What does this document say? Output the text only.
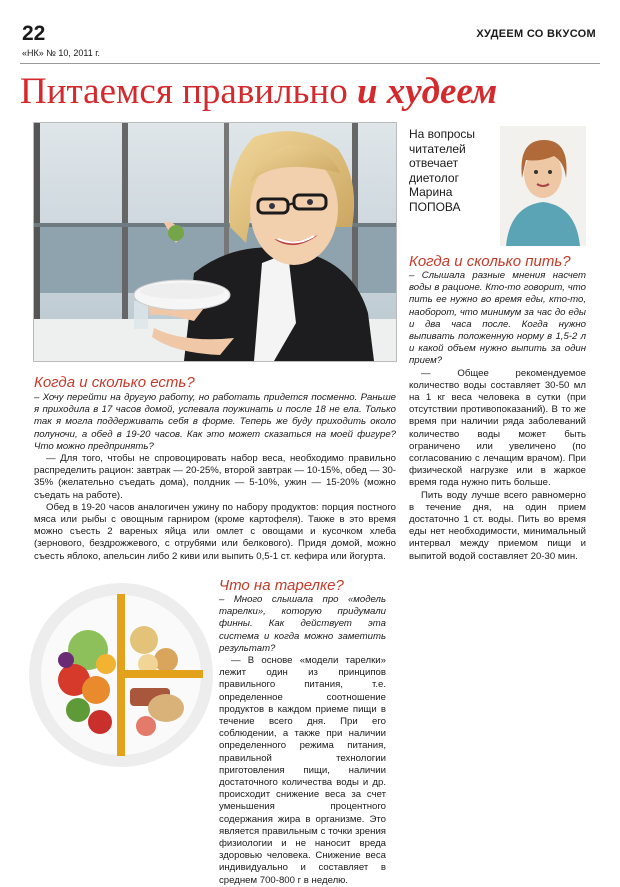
22
«НК» № 10, 2011 г.
ХУДЕЕМ СО ВКУСОМ
Питаемся правильно и худеем
На вопросы
читателей
отвечает
диетолог
Марина
ПОПОВА
Когда и сколько есть?

– Хочу перейти на другую работу, но работать придется посменно. Раньше я приходила в 17 часов домой, успевала поужинать и после 18 не ела. Только так я могла поддерживать себя в форме. Теперь же буду приходить около полуночи, а обед в 19-20 часов. Как это может сказаться на моей фигуре? Что можно предпринять?

— Для того, чтобы не спровоцировать набор веса, необходимо правильно распределить рацион: завтрак — 20-25%, второй завтрак — 10-15%, обед — 30-35% (желательно съедать дома), полдник — 5-10%, ужин — 15-20% (можно съедать на работе).

Обед в 19-20 часов аналогичен ужину по набору продуктов: порция постного мяса или рыбы с овощным гарниром (кроме картофеля). Также в это время можно съесть 2 вареных яйца или омлет с овощами и кусочком хлеба (зернового, бездрожжевого, с отрубями или белкового). Придя домой, можно съесть яблоко, апельсин либо 2 киви или выпить 0,5-1 ст. кефира или йогурта.

Когда и сколько пить?

– Слышала разные мнения насчет воды в рационе. Кто-то говорит, что пить ее нужно во время еды, кто-то, наоборот, что минимум за час до еды и два часа после. Когда нужно выпивать положенную норму в 1,5-2 л и какой объем нужно выпить за один прием?

— Общее рекомендуемое количество воды составляет 30-50 мл на 1 кг веса человека в сутки (при отсутствии противопоказаний). В то же время при наличии ряда заболеваний количество воды может быть ограничено или увеличено (по согласованию с лечащим врачом). При физической нагрузке или в жаркое время года нужно пить больше.

Пить воду лучше всего равномерно в течение дня, на один прием достаточно 1 ст. воды. Пить во время еды нет необходимости, минимальный интервал между приемом пищи и выпитой водой составляет 20-30 мин.

Что на тарелке?

– Много слышала про «модель тарелки», которую придумали финны. Как действует эта система и когда можно заметить результат?

— В основе «модели тарелки» лежит один из принципов правильного питания, т.е. определенное соотношение продуктов в каждом приеме пищи в течение всего дня. При его соблюдении, а также при наличии определенного режима питания, правильной технологии приготовления пищи, наличии достаточного количества воды и др. происходит снижение веса за счет уменьшения процентного содержания жира в организме. Это является правильным с точки зрения физиологии и не наносит вреда здоровью человека. Снижение веса индивидуально и составляет в среднем 700-800 г в неделю.
